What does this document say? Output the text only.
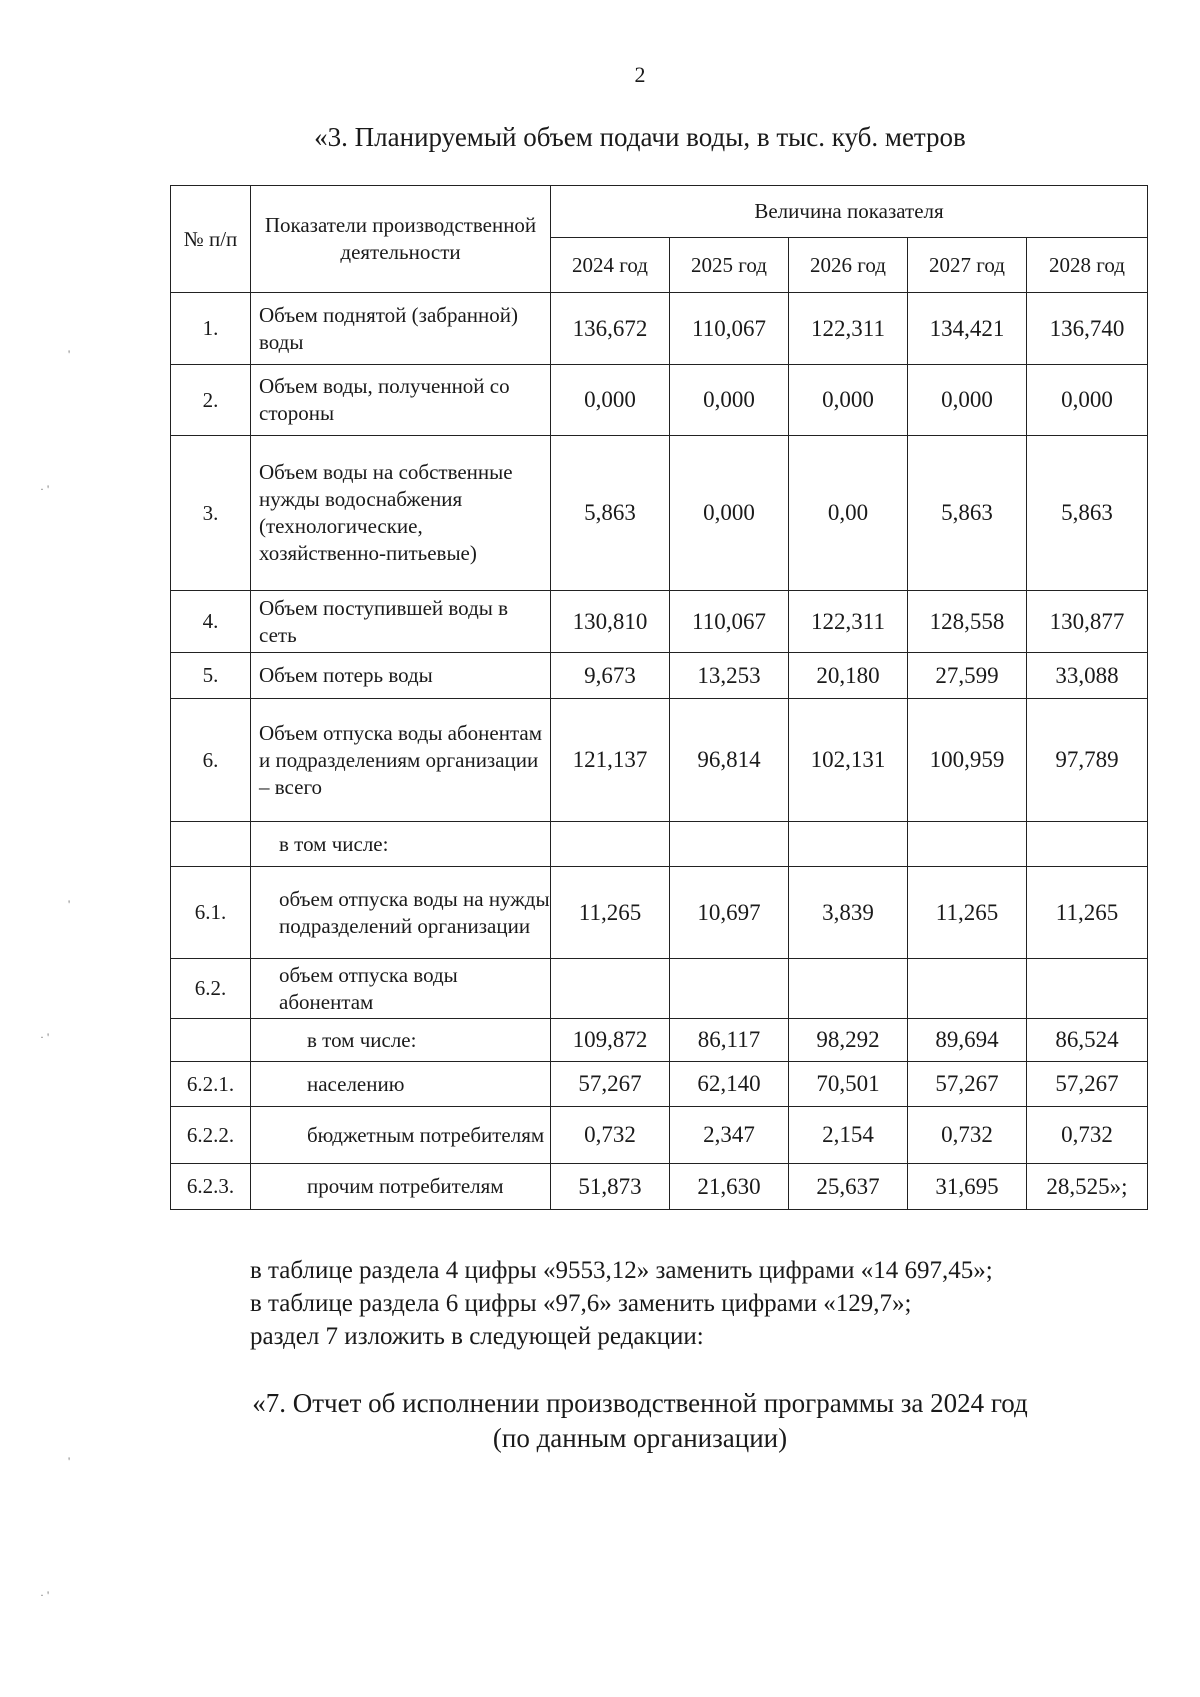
2
«3. Планируемый объем подачи воды, в тыс. куб. метров
№ п/п	Показатели производственной деятельности	Величина показателя				
		2024 год	2025 год	2026 год	2027 год	2028 год
1.	Объем поднятой (забранной) воды	136,672	110,067	122,311	134,421	136,740
2.	Объем воды, полученной со стороны	0,000	0,000	0,000	0,000	0,000
3.	Объем воды на собственные нужды водоснабжения (технологические, хозяйственно-питьевые)	5,863	0,000	0,00	5,863	5,863
4.	Объем поступившей воды в сеть	130,810	110,067	122,311	128,558	130,877
5.	Объем потерь воды	9,673	13,253	20,180	27,599	33,088
6.	Объем отпуска воды абонентам и подразделениям организации – всего	121,137	96,814	102,131	100,959	97,789
	в том числе:					
6.1.	объем отпуска воды на нужды подразделений организации	11,265	10,697	3,839	11,265	11,265
6.2.	объем отпуска воды абонентам					
	в том числе:	109,872	86,117	98,292	89,694	86,524
6.2.1.	населению	57,267	62,140	70,501	57,267	57,267
6.2.2.	бюджетным потребителям	0,732	2,347	2,154	0,732	0,732
6.2.3.	прочим потребителям	51,873	21,630	25,637	31,695	28,525»;
в таблице раздела 4 цифры «9553,12» заменить цифрами «14 697,45»;
в таблице раздела 6 цифры «97,6» заменить цифрами «129,7»;
раздел 7 изложить в следующей редакции:
«7. Отчет об исполнении производственной программы за 2024 год
(по данным организации)
'
· '
'
· '
'
· '
